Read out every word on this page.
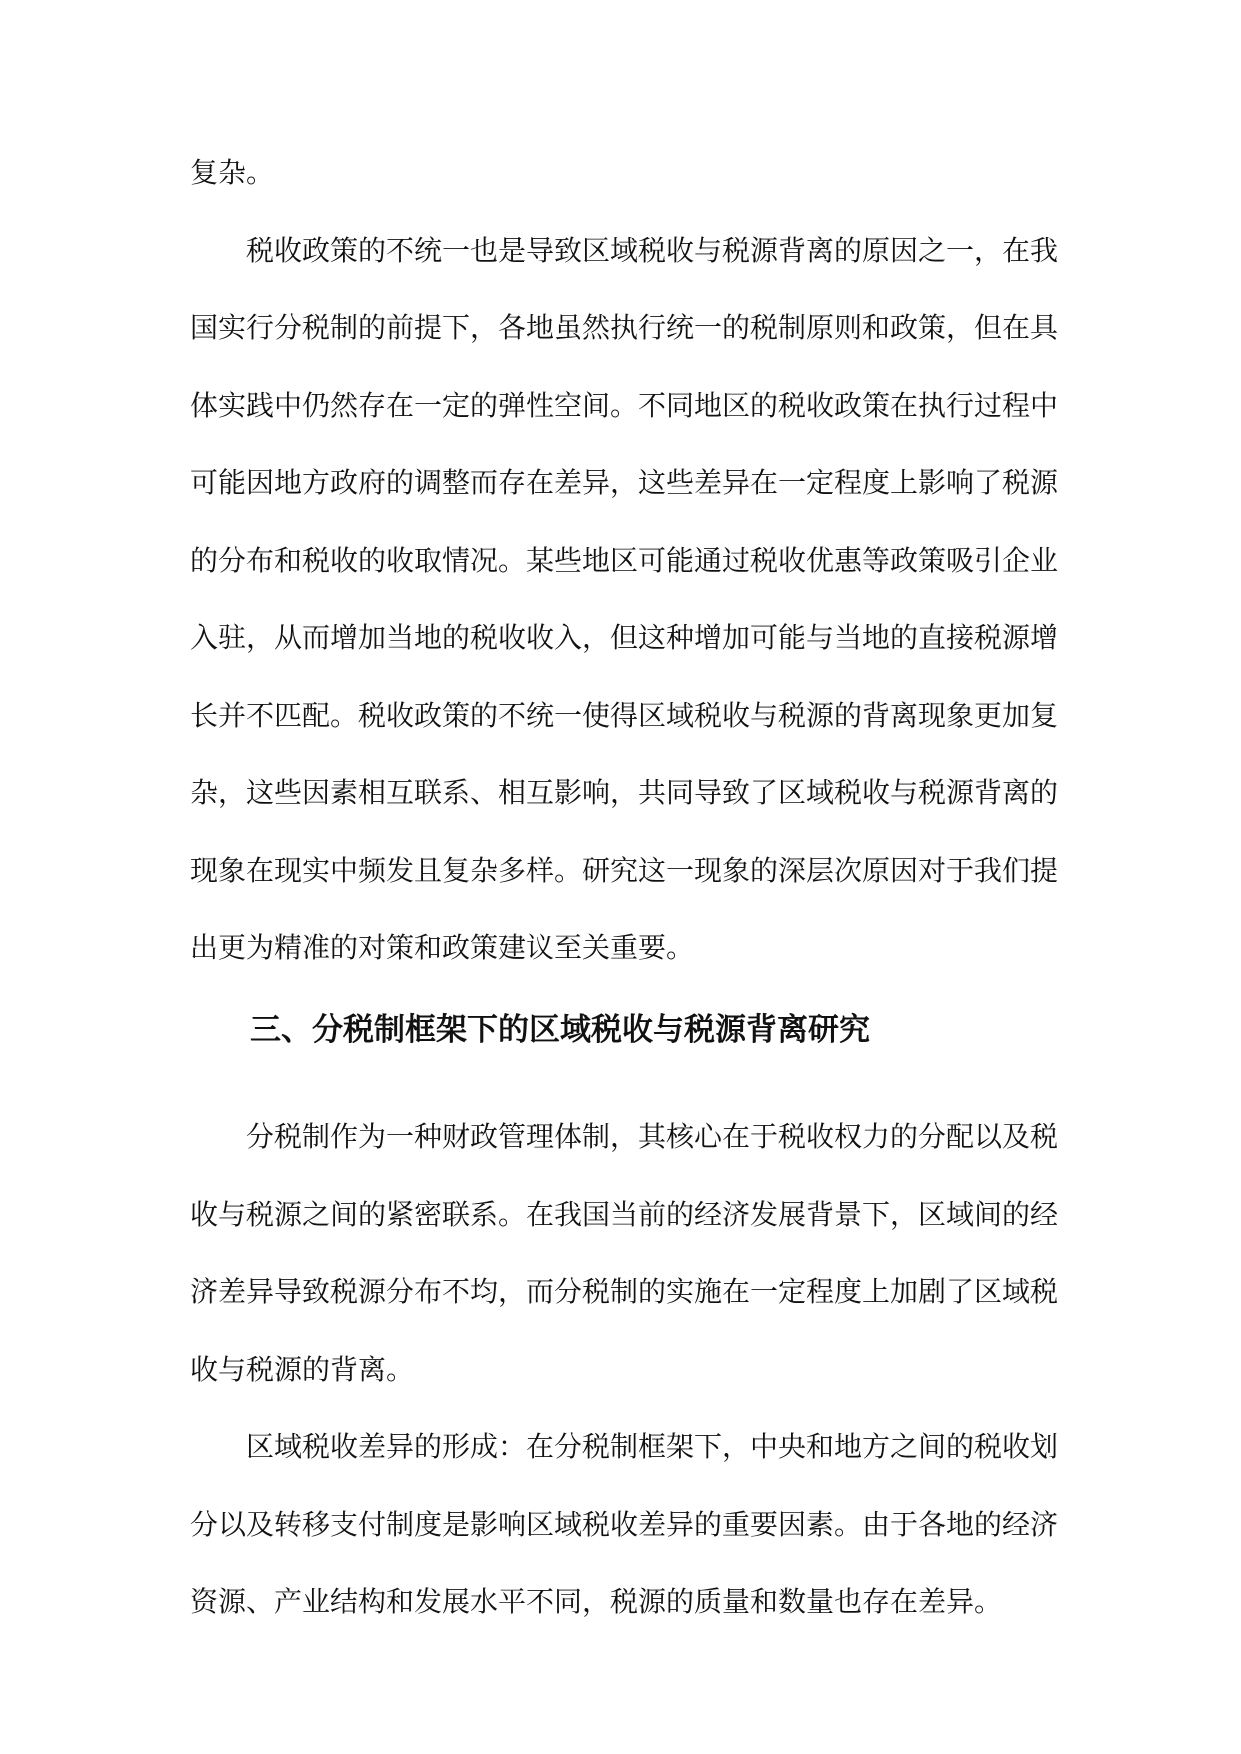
复杂。

税收政策的不统一也是导致区域税收与税源背离的原因之一，在我国实行分税制的前提下，各地虽然执行统一的税制原则和政策，但在具体实践中仍然存在一定的弹性空间。不同地区的税收政策在执行过程中可能因地方政府的调整而存在差异，这些差异在一定程度上影响了税源的分布和税收的收取情况。某些地区可能通过税收优惠等政策吸引企业入驻，从而增加当地的税收收入，但这种增加可能与当地的直接税源增长并不匹配。税收政策的不统一使得区域税收与税源的背离现象更加复杂，这些因素相互联系、相互影响，共同导致了区域税收与税源背离的现象在现实中频发且复杂多样。研究这一现象的深层次原因对于我们提出更为精准的对策和政策建议至关重要。

三、分税制框架下的区域税收与税源背离研究

分税制作为一种财政管理体制，其核心在于税收权力的分配以及税收与税源之间的紧密联系。在我国当前的经济发展背景下，区域间的经济差异导致税源分布不均，而分税制的实施在一定程度上加剧了区域税收与税源的背离。

区域税收差异的形成：在分税制框架下，中央和地方之间的税收划分以及转移支付制度是影响区域税收差异的重要因素。由于各地的经济资源、产业结构和发展水平不同，税源的质量和数量也存在差异。
